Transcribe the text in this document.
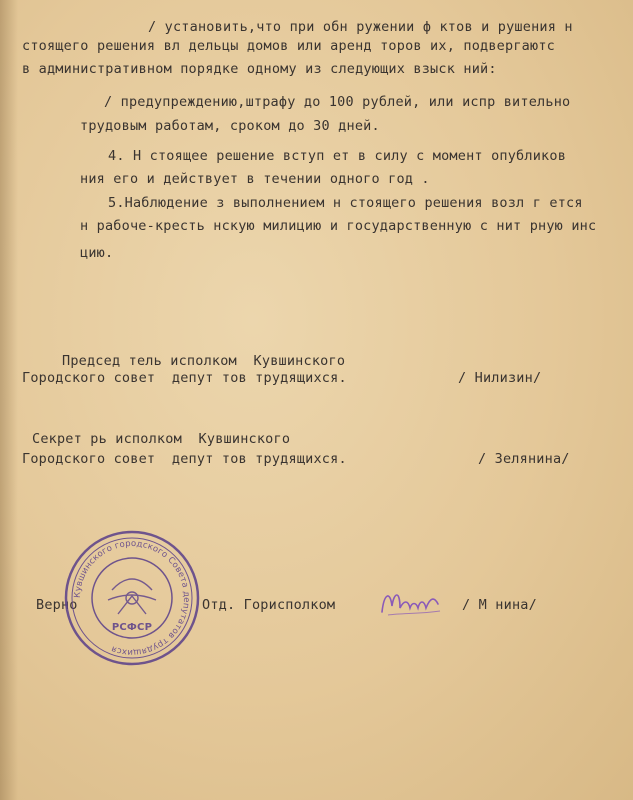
/ установить,что при обн ружении ф ктов и рушения н
стоящего решения вл дельцы домов или аренд торов их, подвергаютс
в административном порядке одному из следующих взыск ний:
/ предупреждению,штрафу до 100 рублей, или испр вительно
трудовым работам, сроком до 30 дней.
4. Н стоящее решение вступ ет в силу с момент опубликов
ния его и действует в течении одного год .
5.Наблюдение з выполнением н стоящего решения возл г ется
н рабоче-кресть нскую милицию и государственную с нит рную инс
цию.
Председ тель исполком  Кувшинского
Городского совет  депут тов трудящихся.	/ Нилизин/
Секрет рь исполком  Кувшинского
Городского совет  депут тов трудящихся.	/ Зелянина/
Верно	Отд. Горисполком	/ М нина/
Кувшинского городского Совета депутатов трудящихся
РСФСР
